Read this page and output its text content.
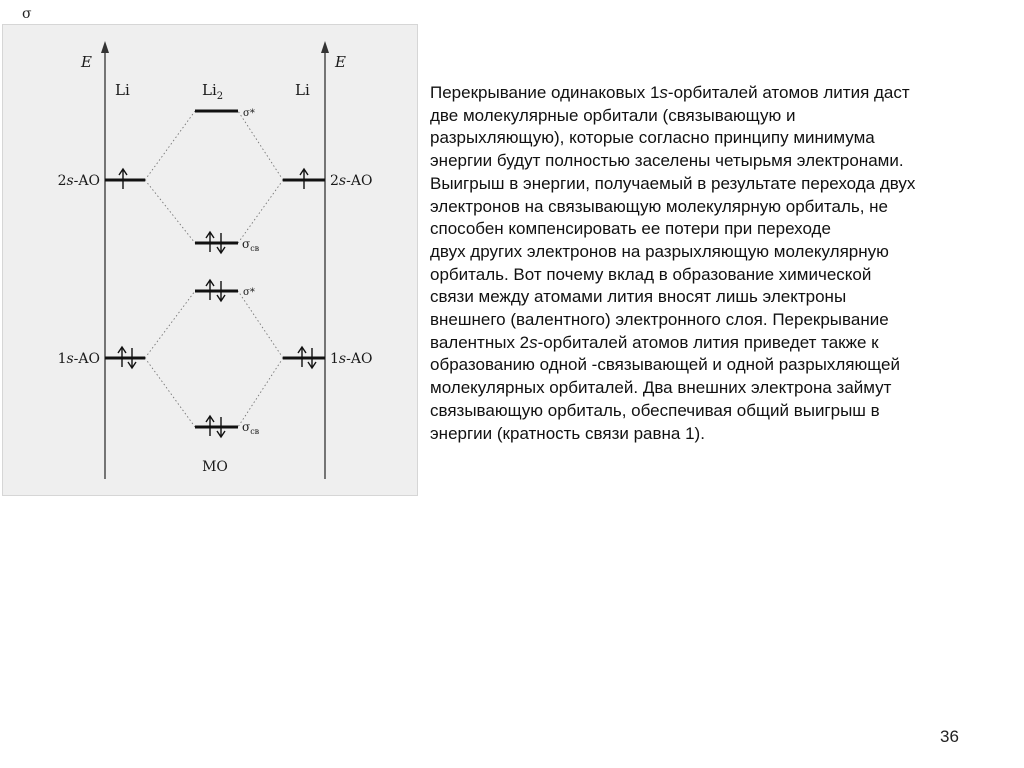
σ
E	E
Li	Li
$Li_2$
2s-AO	2s-AO
1s-AO	1s-AO
σ*
$\sigma_{св}$
σ*
$\sigma_{св}$
MO

Перекрывание одинаковых 1s-орбиталей атомов лития даст

две молекулярные орбитали (связывающую и

разрыхляющую), которые согласно принципу минимума

энергии будут полностью заселены четырьмя электронами.

Выигрыш в энергии, получаемый в результате перехода двух

электронов на связывающую молекулярную орбиталь, не

способен компенсировать ее потери при переходе

двух других электронов на разрыхляющую молекулярную

орбиталь. Вот почему вклад в образование химической

связи между атомами лития вносят лишь электроны

внешнего (валентного) электронного слоя. Перекрывание

валентных 2s-орбиталей атомов лития приведет также к

образованию одной -связывающей и одной разрыхляющей

молекулярных орбиталей. Два внешних электрона займут

связывающую орбиталь, обеспечивая общий выигрыш в

энергии (кратность связи равна 1).

36
